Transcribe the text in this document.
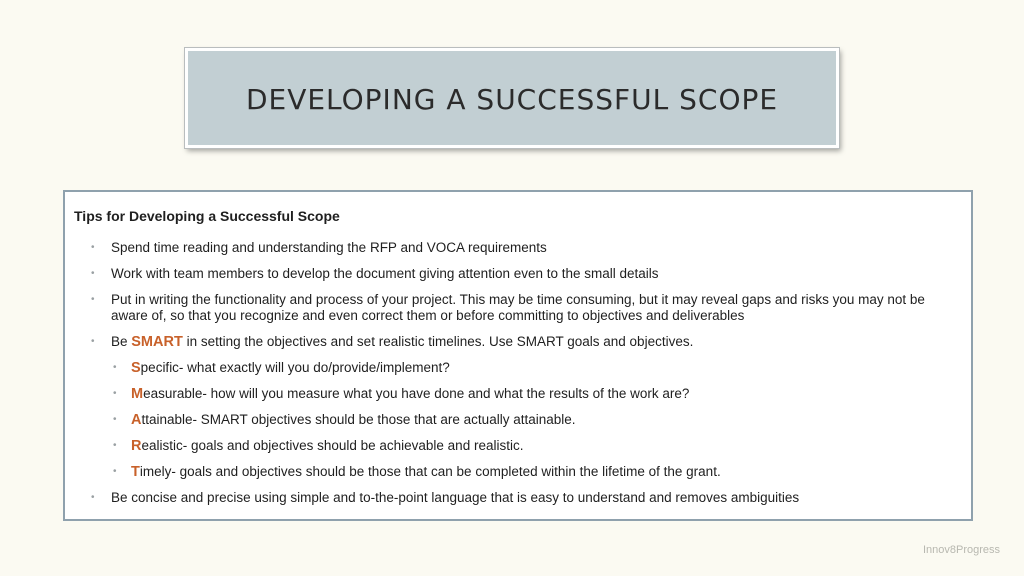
DEVELOPING A SUCCESSFUL SCOPE
Tips for Developing a Successful Scope
• Spend time reading and understanding the RFP and VOCA requirements
• Work with team members to develop the document giving attention even to the small details
• Put in writing the functionality and process of your project. This may be time consuming, but it may reveal gaps and risks you may not be aware of, so that you recognize and even correct them or before committing to objectives and deliverables
• Be SMART in setting the objectives and set realistic timelines. Use SMART goals and objectives.
• Specific- what exactly will you do/provide/implement?
• Measurable- how will you measure what you have done and what the results of the work are?
• Attainable- SMART objectives should be those that are actually attainable.
• Realistic- goals and objectives should be achievable and realistic.
• Timely- goals and objectives should be those that can be completed within the lifetime of the grant.
• Be concise and precise using simple and to-the-point language that is easy to understand and removes ambiguities
Innov8Progress
